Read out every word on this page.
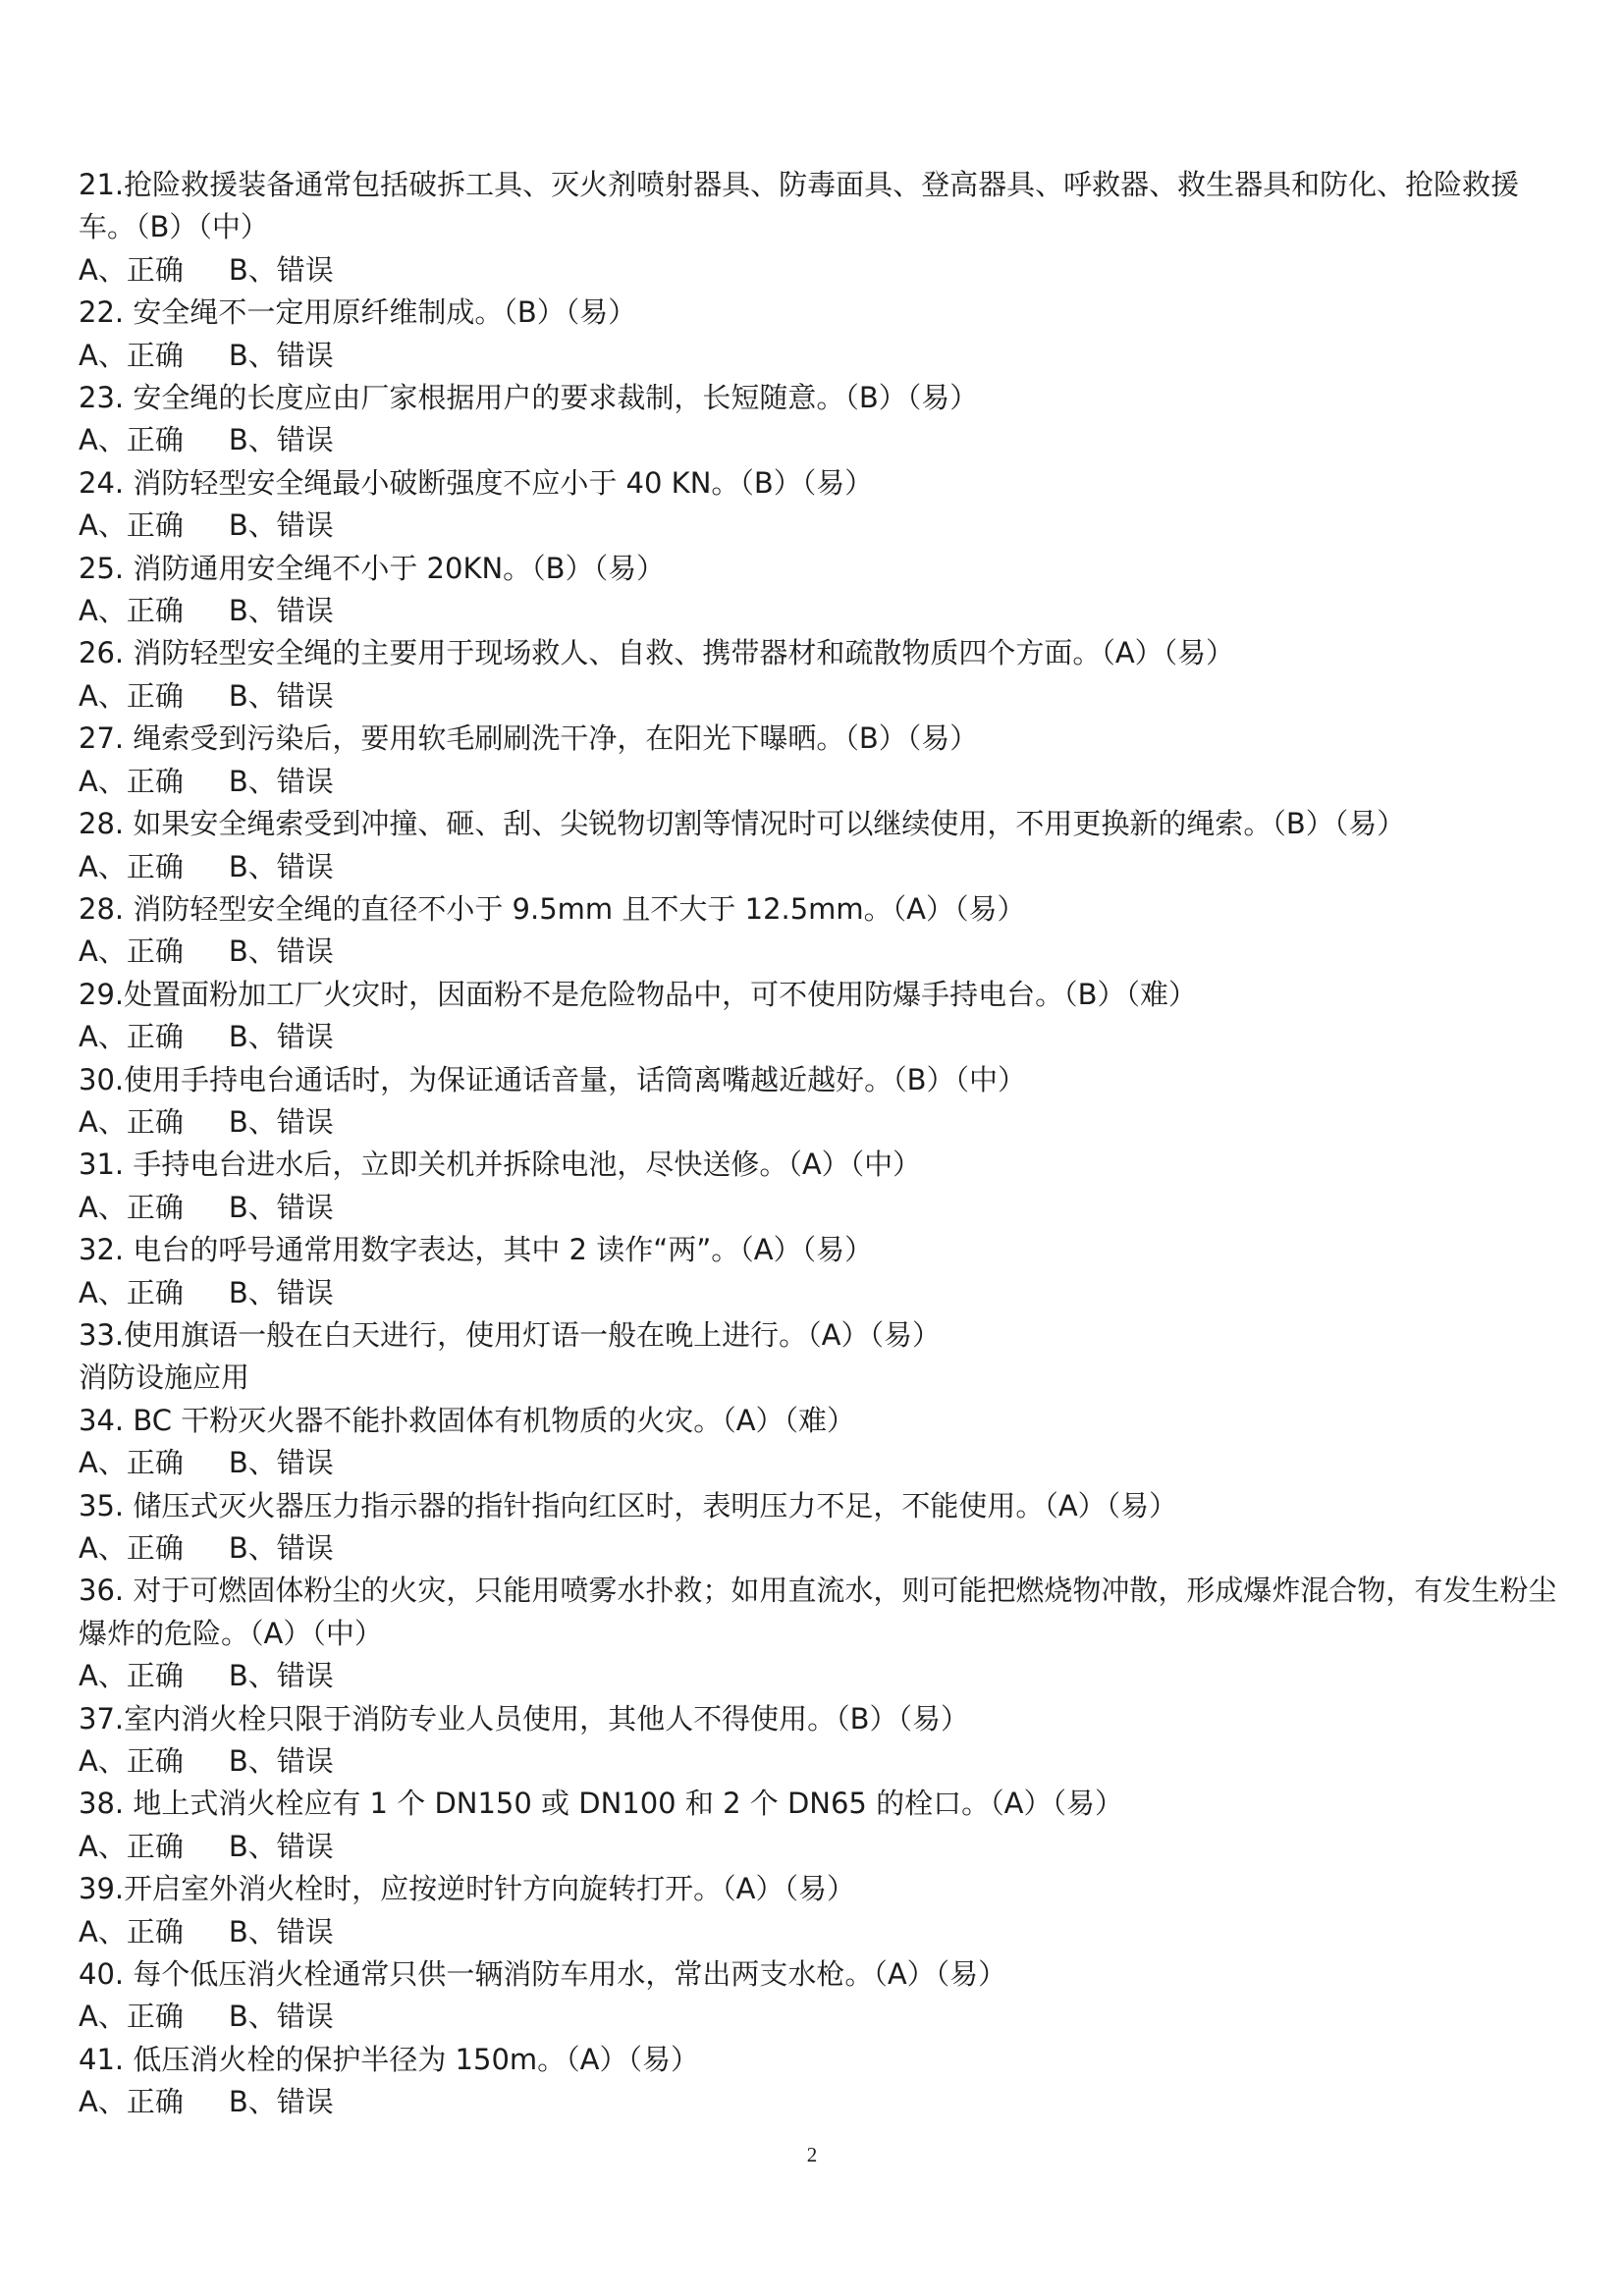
21.抢险救援装备通常包括破拆工具、灭火剂喷射器具、防毒面具、登高器具、呼救器、救生器具和防化、抢险救援车。（B）（中）
A、正确 B、错误
22. 安全绳不一定用原纤维制成。（B）（易）
A、正确 B、错误
23. 安全绳的长度应由厂家根据用户的要求裁制，长短随意。（B）（易）
A、正确 B、错误
24. 消防轻型安全绳最小破断强度不应小于 40 KN。（B）（易）
A、正确 B、错误
25. 消防通用安全绳不小于 20KN。（B）（易）
A、正确 B、错误
26. 消防轻型安全绳的主要用于现场救人、自救、携带器材和疏散物质四个方面。（A）（易）
A、正确 B、错误
27. 绳索受到污染后，要用软毛刷刷洗干净，在阳光下曝晒。（B）（易）
A、正确 B、错误
28. 如果安全绳索受到冲撞、砸、刮、尖锐物切割等情况时可以继续使用，不用更换新的绳索。（B）（易）
A、正确 B、错误
28. 消防轻型安全绳的直径不小于 9.5mm 且不大于 12.5mm。（A）（易）
A、正确 B、错误
29.处置面粉加工厂火灾时，因面粉不是危险物品中，可不使用防爆手持电台。（B）（难）
A、正确 B、错误
30.使用手持电台通话时，为保证通话音量，话筒离嘴越近越好。（B）（中）
A、正确 B、错误
31. 手持电台进水后，立即关机并拆除电池，尽快送修。（A）（中）
A、正确 B、错误
32. 电台的呼号通常用数字表达，其中 2 读作“两”。（A）（易）
A、正确 B、错误
33.使用旗语一般在白天进行，使用灯语一般在晚上进行。（A）（易）
消防设施应用
34. BC 干粉灭火器不能扑救固体有机物质的火灾。（A）（难）
A、正确 B、错误
35. 储压式灭火器压力指示器的指针指向红区时，表明压力不足，不能使用。（A）（易）
A、正确 B、错误
36. 对于可燃固体粉尘的火灾，只能用喷雾水扑救；如用直流水，则可能把燃烧物冲散，形成爆炸混合物，有发生粉尘爆炸的危险。（A）（中）
A、正确 B、错误
37.室内消火栓只限于消防专业人员使用，其他人不得使用。（B）（易）
A、正确 B、错误
38. 地上式消火栓应有 1 个 DN150 或 DN100 和 2 个 DN65 的栓口。（A）（易）
A、正确 B、错误
39.开启室外消火栓时，应按逆时针方向旋转打开。（A）（易）
A、正确 B、错误
40. 每个低压消火栓通常只供一辆消防车用水，常出两支水枪。（A）（易）
A、正确 B、错误
41. 低压消火栓的保护半径为 150m。（A）（易）
A、正确 B、错误
2
